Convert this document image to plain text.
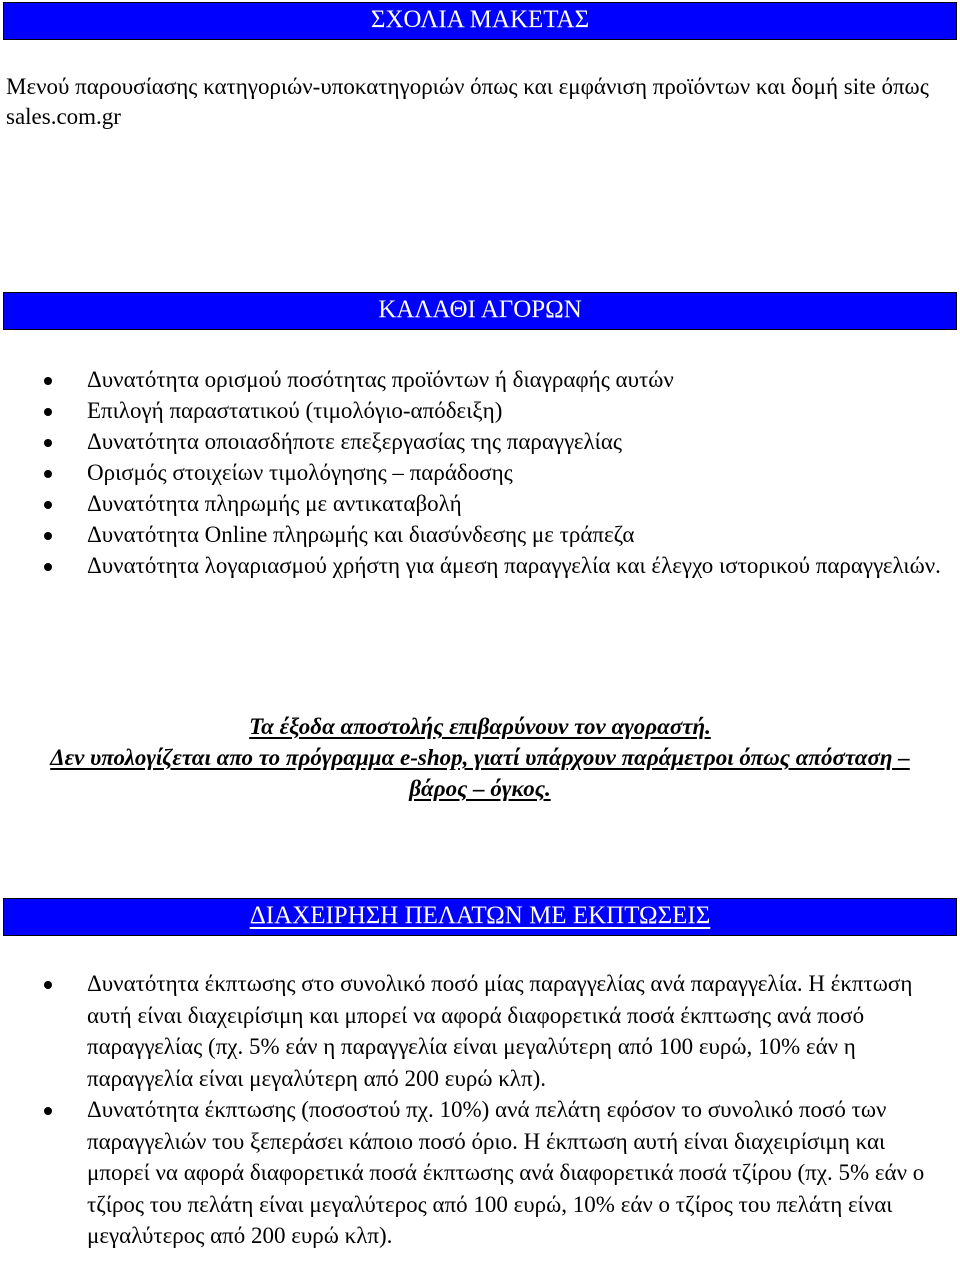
ΣΧΟΛΙΑ ΜΑΚΕΤΑΣ

Μενού παρουσίασης κατηγοριών-υποκατηγοριών όπως και εμφάνιση προϊόντων και δομή site όπως sales.com.gr

ΚΑΛΑΘΙ ΑΓΟΡΩΝ
Δυνατότητα ορισμού ποσότητας προϊόντων ή διαγραφής αυτών
Επιλογή παραστατικού (τιμολόγιο-απόδειξη)
Δυνατότητα οποιασδήποτε επεξεργασίας της παραγγελίας
Ορισμός στοιχείων τιμολόγησης – παράδοσης
Δυνατότητα πληρωμής με αντικαταβολή
Δυνατότητα Online πληρωμής και διασύνδεσης με τράπεζα
Δυνατότητα λογαριασμού χρήστη για άμεση παραγγελία και έλεγχο ιστορικού παραγγελιών.

Τα έξοδα αποστολής επιβαρύνουν τον αγοραστή.

Δεν υπολογίζεται απο το πρόγραμμα e-shop, γιατί υπάρχουν παράμετροι όπως απόσταση – βάρος – όγκος.

ΔΙΑΧΕΙΡΗΣΗ ΠΕΛΑΤΩΝ ΜΕ ΕΚΠΤΩΣΕΙΣ
Δυνατότητα έκπτωσης στο συνολικό ποσό μίας παραγγελίας ανά παραγγελία. Η έκπτωση αυτή είναι διαχειρίσιμη και μπορεί να αφορά διαφορετικά ποσά έκπτωσης ανά ποσό παραγγελίας (πχ. 5% εάν η παραγγελία είναι μεγαλύτερη από 100 ευρώ, 10% εάν η παραγγελία είναι μεγαλύτερη από 200 ευρώ κλπ).
Δυνατότητα έκπτωσης (ποσοστού πχ. 10%) ανά πελάτη εφόσον το συνολικό ποσό των παραγγελιών του ξεπεράσει κάποιο ποσό όριο. Η έκπτωση αυτή είναι διαχειρίσιμη και μπορεί να αφορά διαφορετικά ποσά έκπτωσης ανά διαφορετικά ποσά τζίρου (πχ. 5% εάν ο τζίρος του πελάτη είναι μεγαλύτερος από 100 ευρώ, 10% εάν ο τζίρος του πελάτη είναι μεγαλύτερος από 200 ευρώ κλπ).
